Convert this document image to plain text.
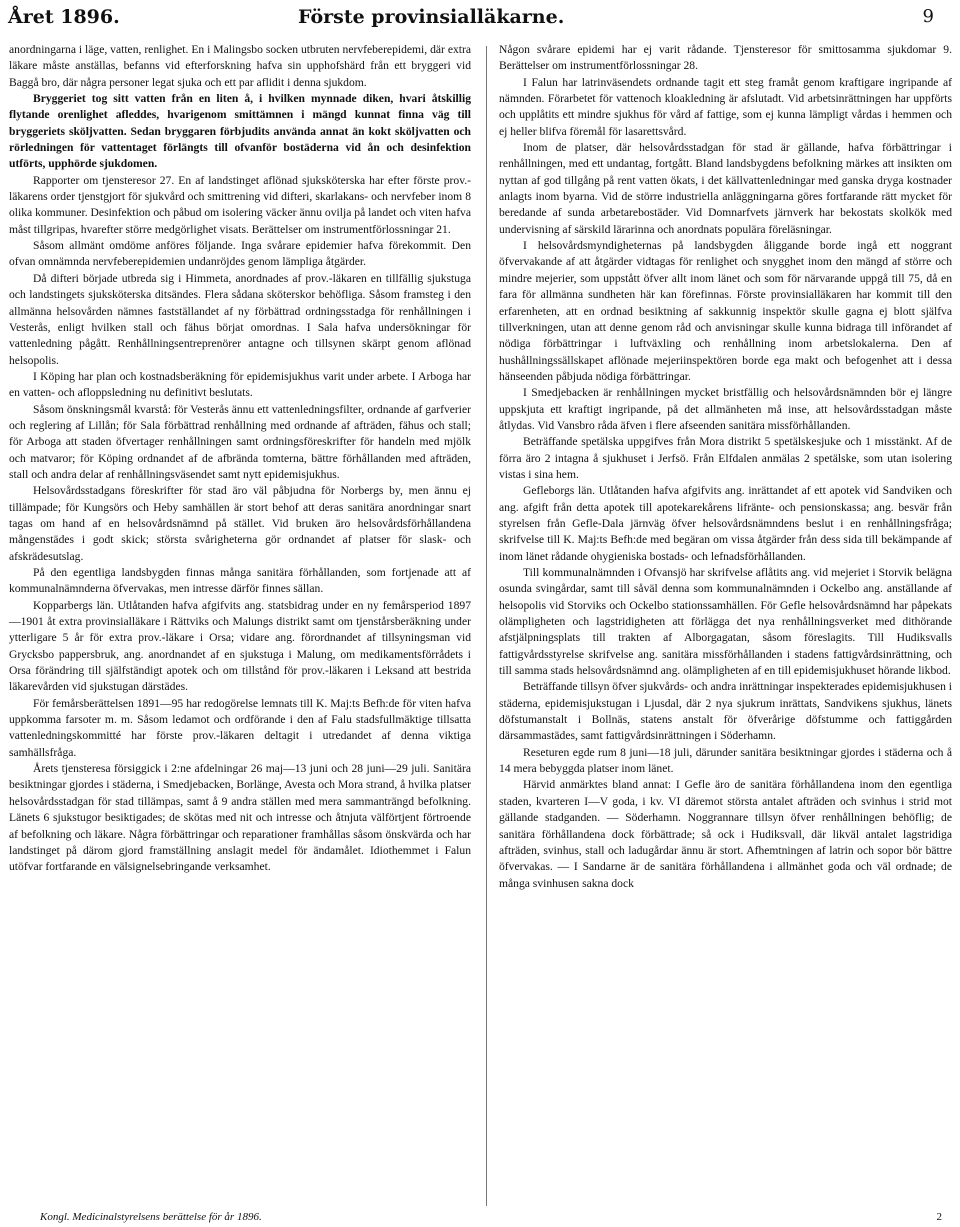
Året 1896.	Förste provinsialläkarne.	9

anordningarna i läge, vatten, renlighet. En i Malingsbo socken utbruten nervfeberepidemi, där extra läkare måste anställas, befanns vid efterforskning hafva sin upphofshärd från ett bryggeri vid Baggå bro, där några personer legat sjuka och ett par aflidit i denna sjukdom.

Bryggeriet tog sitt vatten från en liten å, i hvilken mynnade diken, hvari åtskillig flytande orenlighet afleddes, hvarigenom smittämnen i mängd kunnat finna väg till bryggeriets sköljvatten. Sedan bryggaren förbjudits använda annat än kokt sköljvatten och rörledningen för vattentaget förlängts till ofvanför bostäderna vid ån och desinfektion utförts, upphörde sjukdomen.

Rapporter om tjensteresor 27. En af landstinget aflönad sjuksköterska har efter förste prov.-läkarens order tjenstgjort för sjukvård och smittrening vid difteri, skarlakans- och nervfeber inom 8 olika kommuner. Desinfektion och påbud om isolering väcker ännu ovilja på landet och viten hafva måst tillgripas, hvarefter större medgörlighet visats. Berättelser om instrumentförlossningar 21.

Såsom allmänt omdöme anföres följande. Inga svårare epidemier hafva förekommit. Den ofvan omnämnda nervfeberepidemien undanröjdes genom lämpliga åtgärder.

Då difteri började utbreda sig i Himmeta, anordnades af prov.-läkaren en tillfällig sjukstuga och landstingets sjuksköterska ditsändes. Flera sådana sköterskor behöfliga. Såsom framsteg i den allmänna helsovården nämnes fastställandet af ny förbättrad ordningsstadga för renhållningen i Vesterås, enligt hvilken stall och fähus börjat omordnas. I Sala hafva undersökningar för vattenledning pågått. Renhållningsentreprenörer antagne och tillsynen skärpt genom aflönad helsopolis.

I Köping har plan och kostnadsberäkning för epidemisjukhus varit under arbete. I Arboga har en vatten- och afloppsledning nu definitivt beslutats.

Såsom önskningsmål kvarstå: för Vesterås ännu ett vattenledningsfilter, ordnande af garfverier och reglering af Lillån; för Sala förbättrad renhållning med ordnande af afträden, fähus och stall; för Arboga att staden öfvertager renhållningen samt ordningsföreskrifter för handeln med mjölk och matvaror; för Köping ordnandet af de afbrända tomterna, bättre förhållanden med afträden, stall och andra delar af renhållningsväsendet samt nytt epidemisjukhus.

Helsovårdsstadgans föreskrifter för stad äro väl påbjudna för Norbergs by, men ännu ej tillämpade; för Kungsörs och Heby samhällen är stort behof att deras sanitära anordningar snart tagas om hand af en helsovårdsnämnd på stället. Vid bruken äro helsovårdsförhållandena mångenstädes i godt skick; största svårigheterna gör ordnandet af platser för slask- och afskrädesutslag.

På den egentliga landsbygden finnas många sanitära förhållanden, som fortjenade att af kommunalnämnderna öfvervakas, men intresse därför finnes sällan.

Kopparbergs län. Utlåtanden hafva afgifvits ang. statsbidrag under en ny femårsperiod 1897—1901 åt extra provinsialläkare i Rättviks och Malungs distrikt samt om tjenstårsberäkning under ytterligare 5 år för extra prov.-läkare i Orsa; vidare ang. förordnandet af tillsyningsman vid Grycksbo pappersbruk, ang. anordnandet af en sjukstuga i Malung, om medikamentsförrådets i Orsa förändring till själfständigt apotek och om tillstånd för prov.-läkaren i Leksand att bestrida läkarevården vid sjukstugan därstädes.

För femårsberättelsen 1891—95 har redogörelse lemnats till K. Maj:ts Befh:de för viten hafva uppkomma farsoter m. m. Såsom ledamot och ordförande i den af Falu stadsfullmäktige tillsatta vattenledningskommitté har förste prov.-läkaren deltagit i utredandet af denna viktiga samhällsfråga.

Årets tjensteresa försiggick i 2:ne afdelningar 26 maj—13 juni och 28 juni—29 juli. Sanitära besiktningar gjordes i städerna, i Smedjebacken, Borlänge, Avesta och Mora strand, å hvilka platser helsovårdsstadgan för stad tillämpas, samt å 9 andra ställen med mera sammanträngd befolkning. Länets 6 sjukstugor besiktigades; de skötas med nit och intresse och åtnjuta välförtjent förtroende af befolkning och läkare. Några förbättringar och reparationer framhållas såsom önskvärda och har landstinget på därom gjord framställning anslagit medel för ändamålet. Idiothemmet i Falun utöfvar fortfarande en välsignelsebringande verksamhet.

Någon svårare epidemi har ej varit rådande. Tjensteresor för smittosamma sjukdomar 9. Berättelser om instrumentförlossningar 28.

I Falun har latrinväsendets ordnande tagit ett steg framåt genom kraftigare ingripande af nämnden. Förarbetet för vattenoch kloakledning är afslutadt. Vid arbetsinrättningen har uppförts och upplåtits ett mindre sjukhus för vård af fattige, som ej kunna lämpligt vårdas i hemmen och ej heller blifva föremål för lasarettsvård.

Inom de platser, där helsovårdsstadgan för stad är gällande, hafva förbättringar i renhållningen, med ett undantag, fortgått. Bland landsbygdens befolkning märkes att insikten om nyttan af god tillgång på rent vatten ökats, i det källvattenledningar med ganska dryga kostnader anlagts inom byarna. Vid de större industriella anläggningarna göres fortfarande rätt mycket för beredande af sunda arbetarebostäder. Vid Domnarfvets järnverk har bekostats skolkök med undervisning af särskild lärarinna och anordnats populära föreläsningar.

I helsovårdsmyndigheternas på landsbygden åliggande borde ingå ett noggrant öfvervakande af att åtgärder vidtagas för renlighet och snygghet inom den mängd af större och mindre mejerier, som uppstått öfver allt inom länet och som för närvarande uppgå till 75, då en fara för allmänna sundheten här kan förefinnas. Förste provinsialläkaren har kommit till den erfarenheten, att en ordnad besiktning af sakkunnig inspektör skulle gagna ej blott själfva tillverkningen, utan att denne genom råd och anvisningar skulle kunna bidraga till införandet af nödiga förbättringar i luftväxling och renhållning inom arbetslokalerna. Den af hushållningssällskapet aflönade mejeriinspektören borde ega makt och befogenhet att i dessa hänseenden påbjuda nödiga förbättringar.

I Smedjebacken är renhållningen mycket bristfällig och helsovårdsnämnden bör ej längre uppskjuta ett kraftigt ingripande, på det allmänheten må inse, att helsovårdsstadgan måste åtlydas. Vid Vansbro råda äfven i flere afseenden sanitära missförhållanden.

Beträffande spetälska uppgifves från Mora distrikt 5 spetälskesjuke och 1 misstänkt. Af de förra äro 2 intagna å sjukhuset i Jerfsö. Från Elfdalen anmälas 2 spetälske, som utan isolering vistas i sina hem.

Gefleborgs län. Utlåtanden hafva afgifvits ang. inrättandet af ett apotek vid Sandviken och ang. afgift från detta apotek till apotekarekårens lifränte- och pensionskassa; ang. besvär från styrelsen från Gefle-Dala järnväg öfver helsovårdsnämndens beslut i en renhållningsfråga; skrifvelse till K. Maj:ts Befh:de med begäran om vissa åtgärder från dess sida till bekämpande af inom länet rådande ohygieniska bostads- och lefnadsförhållanden.

Till kommunalnämnden i Ofvansjö har skrifvelse aflåtits ang. vid mejeriet i Storvik belägna osunda svingårdar, samt till såväl denna som kommunalnämnden i Ockelbo ang. anställande af helsopolis vid Storviks och Ockelbo stationssamhällen. För Gefle helsovårdsnämnd har påpekats olämpligheten och lagstridigheten att förlägga det nya renhållningsverket med dithörande afstjälpningsplats till trakten af Alborgagatan, såsom föreslagits. Till Hudiksvalls fattigvårdsstyrelse skrifvelse ang. sanitära missförhållanden i stadens fattigvårdsinrättning, och till samma stads helsovårdsnämnd ang. olämpligheten af en till epidemisjukhuset hörande likbod.

Beträffande tillsyn öfver sjukvårds- och andra inrättningar inspekterades epidemisjukhusen i städerna, epidemisjukstugan i Ljusdal, där 2 nya sjukrum inrättats, Sandvikens sjukhus, länets döfstumanstalt i Bollnäs, statens anstalt för öfverårige döfstumme och fattiggården därsammastädes, samt fattigvårdsinrättningen i Söderhamn.

Reseturen egde rum 8 juni—18 juli, därunder sanitära besiktningar gjordes i städerna och å 14 mera bebyggda platser inom länet.

Härvid anmärktes bland annat: I Gefle äro de sanitära förhållandena inom den egentliga staden, kvarteren I—V goda, i kv. VI däremot största antalet afträden och svinhus i strid mot gällande stadganden. — Söderhamn. Noggrannare tillsyn öfver renhållningen behöflig; de sanitära förhållandena dock förbättrade; så ock i Hudiksvall, där likväl antalet lagstridiga afträden, svinhus, stall och ladugårdar ännu är stort. Afhemtningen af latrin och sopor bör bättre öfvervakas. — I Sandarne är de sanitära förhållandena i allmänhet goda och väl ordnade; de många svinhusen sakna dock

Kongl. Medicinalstyrelsens berättelse för år 1896.	2
